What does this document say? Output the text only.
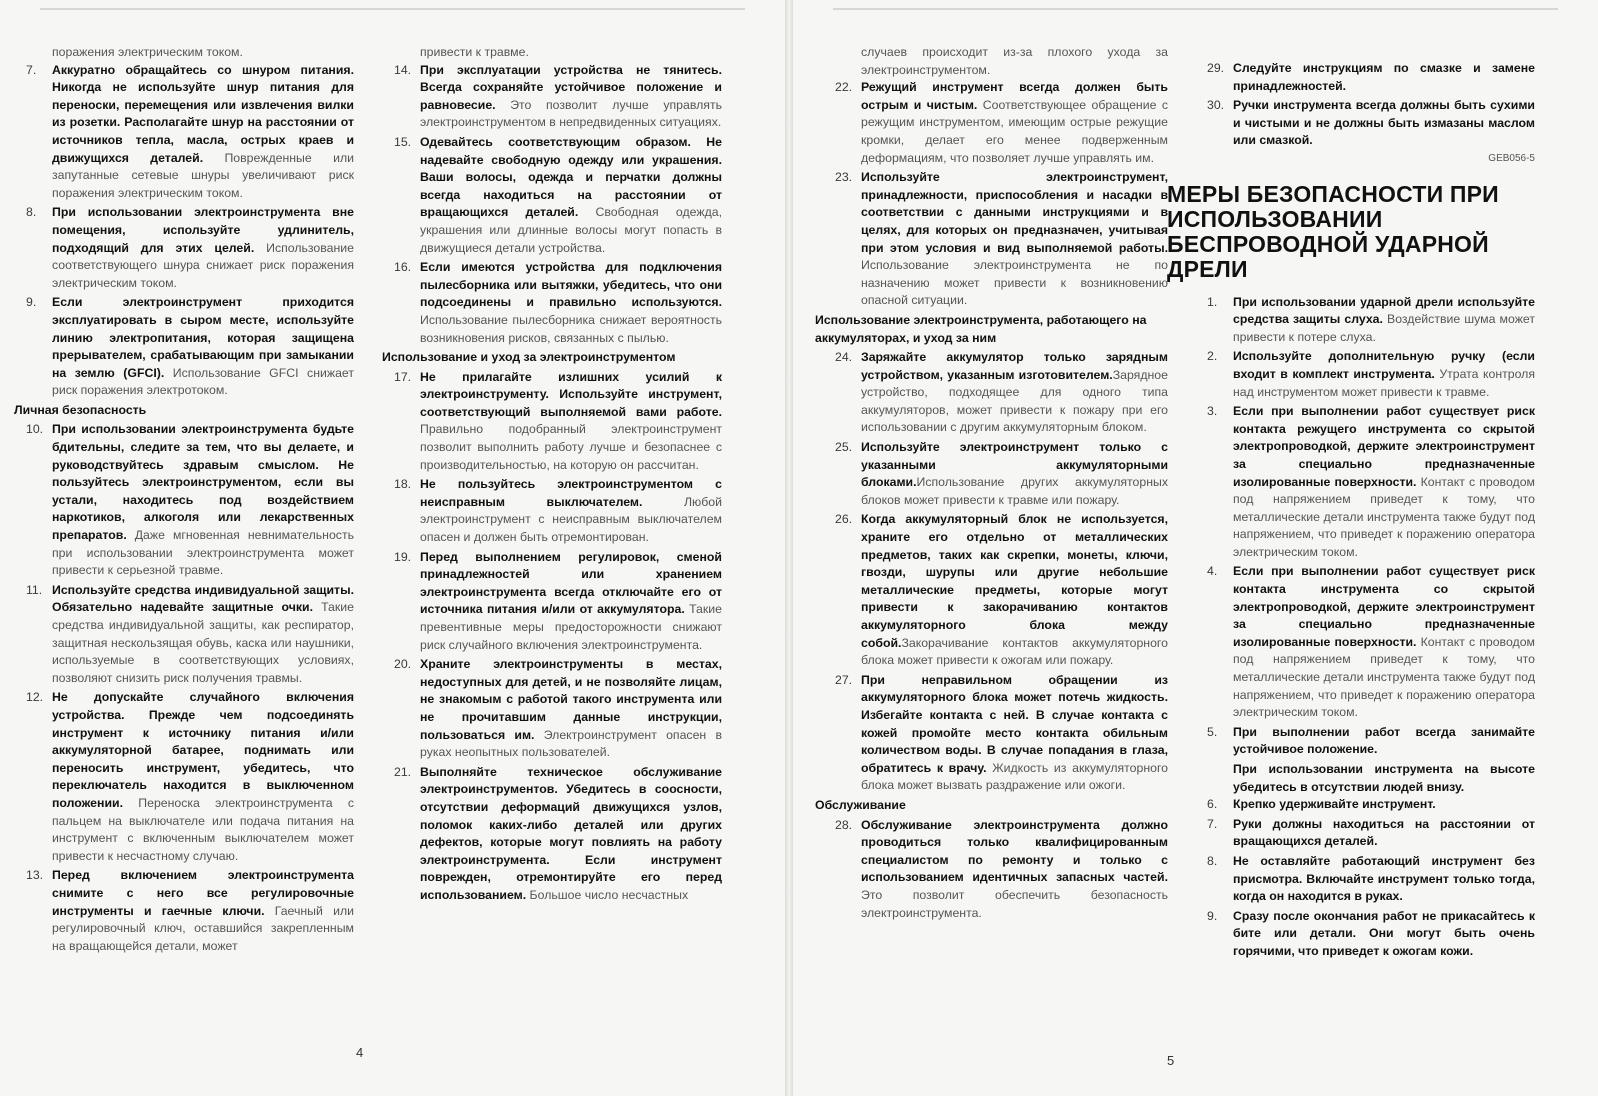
поражения электрическим током.
7.	Аккуратно обращайтесь со шнуром питания. Никогда не используйте шнур питания для переноски, перемещения или извлечения вилки из розетки. Располагайте шнур на расстоянии от источников тепла, масла, острых краев и движущихся деталей. Поврежденные или запутанные сетевые шнуры увеличивают риск поражения электрическим током.
8.	При использовании электроинструмента вне помещения, используйте удлинитель, подходящий для этих целей. Использование соответствующего шнура снижает риск поражения электрическим током.
9.	Если электроинструмент приходится эксплуатировать в сыром месте, используйте линию электропитания, которая защищена прерывателем, срабатывающим при замыкании на землю (GFCI). Использование GFCI снижает риск поражения электротоком.
Личная безопасность
10. При использовании электроинструмента будьте бдительны, следите за тем, что вы делаете, и руководствуйтесь здравым смыслом. Не пользуйтесь электроинструментом, если вы устали, находитесь под воздействием наркотиков, алкоголя или лекарственных препаратов. Даже мгновенная невнимательность при использовании электроинструмента может привести к серьезной травме.
11. Используйте средства индивидуальной защиты. Обязательно надевайте защитные очки. Такие средства индивидуальной защиты, как респиратор, защитная нескользящая обувь, каска или наушники, используемые в соответствующих условиях, позволяют снизить риск получения травмы.
12. Не допускайте случайного включения устройства. Прежде чем подсоединять инструмент к источнику питания и/или аккумуляторной батарее, поднимать или переносить инструмент, убедитесь, что переключатель находится в выключенном положении. Переноска электроинструмента с пальцем на выключателе или подача питания на инструмент с включенным выключателем может привести к несчастному случаю.
13. Перед включением электроинструмента снимите с него все регулировочные инструменты и гаечные ключи. Гаечный или регулировочный ключ, оставшийся закрепленным на вращающейся детали, может
привести к травме.
14. При эксплуатации устройства не тянитесь. Всегда сохраняйте устойчивое положение и равновесие. Это позволит лучше управлять электроинструментом в непредвиденных ситуациях.
15. Одевайтесь соответствующим образом. Не надевайте свободную одежду или украшения. Ваши волосы, одежда и перчатки должны всегда находиться на расстоянии от вращающихся деталей. Свободная одежда, украшения или длинные волосы могут попасть в движущиеся детали устройства.
16. Если имеются устройства для подключения пылесборника или вытяжки, убедитесь, что они подсоединены и правильно используются. Использование пылесборника снижает вероятность возникновения рисков, связанных с пылью.
Использование и уход за электроинструментом
17. Не прилагайте излишних усилий к электроинструменту. Используйте инструмент, соответствующий выполняемой вами работе. Правильно подобранный электроинструмент позволит выполнить работу лучше и безопаснее с производительностью, на которую он рассчитан.
18. Не пользуйтесь электроинструментом с неисправным выключателем. Любой электроинструмент с неисправным выключателем опасен и должен быть отремонтирован.
19. Перед выполнением регулировок, сменой принадлежностей или хранением электроинструмента всегда отключайте его от источника питания и/или от аккумулятора. Такие превентивные меры предосторожности снижают риск случайного включения электроинструмента.
20. Храните электроинструменты в местах, недоступных для детей, и не позволяйте лицам, не знакомым с работой такого инструмента или не прочитавшим данные инструкции, пользоваться им. Электроинструмент опасен в руках неопытных пользователей.
21. Выполняйте техническое обслуживание электроинструментов. Убедитесь в соосности, отсутствии деформаций движущихся узлов, поломок каких-либо деталей или других дефектов, которые могут повлиять на работу электроинструмента. Если инструмент поврежден, отремонтируйте его перед использованием. Большое число несчастных
4
случаев происходит из-за плохого ухода за электроинструментом.
22. Режущий инструмент всегда должен быть острым и чистым. Соответствующее обращение с режущим инструментом, имеющим острые режущие кромки, делает его менее подверженным деформациям, что позволяет лучше управлять им.
23. Используйте электроинструмент, принадлежности, приспособления и насадки в соответствии с данными инструкциями и в целях, для которых он предназначен, учитывая при этом условия и вид выполняемой работы. Использование электроинструмента не по назначению может привести к возникновению опасной ситуации.
Использование электроинструмента, работающего на аккумуляторах, и уход за ним
24. Заряжайте аккумулятор только зарядным устройством, указанным изготовителем.Зарядное устройство, подходящее для одного типа аккумуляторов, может привести к пожару при его использовании с другим аккумуляторным блоком.
25. Используйте электроинструмент только с указанными аккумуляторными блоками.Использование других аккумуляторных блоков может привести к травме или пожару.
26. Когда аккумуляторный блок не используется, храните его отдельно от металлических предметов, таких как скрепки, монеты, ключи, гвозди, шурупы или другие небольшие металлические предметы, которые могут привести к закорачиванию контактов аккумуляторного блока между собой.Закорачивание контактов аккумуляторного блока может привести к ожогам или пожару.
27. При неправильном обращении из аккумуляторного блока может потечь жидкость. Избегайте контакта с ней. В случае контакта с кожей промойте место контакта обильным количеством воды. В случае попадания в глаза, обратитесь к врачу. Жидкость из аккумуляторного блока может вызвать раздражение или ожоги.
Обслуживание
28. Обслуживание электроинструмента должно проводиться только квалифицированным специалистом по ремонту и только с использованием идентичных запасных частей. Это позволит обеспечить безопасность электроинструмента.
29. Следуйте инструкциям по смазке и замене принадлежностей.
30. Ручки инструмента всегда должны быть сухими и чистыми и не должны быть измазаны маслом или смазкой.
GEB056-5
МЕРЫ БЕЗОПАСНОСТИ ПРИ ИСПОЛЬЗОВАНИИ БЕСПРОВОДНОЙ УДАРНОЙ ДРЕЛИ
1.	При использовании ударной дрели используйте средства защиты слуха. Воздействие шума может привести к потере слуха.
2.	Используйте дополнительную ручку (если входит в комплект инструмента. Утрата контроля над инструментом может привести к травме.
3.	Если при выполнении работ существует риск контакта режущего инструмента со скрытой электропроводкой, держите электроинструмент за специально предназначенные изолированные поверхности. Контакт с проводом под напряжением приведет к тому, что металлические детали инструмента также будут под напряжением, что приведет к поражению оператора электрическим током.
4.	Если при выполнении работ существует риск контакта инструмента со скрытой электропроводкой, держите электроинструмент за специально предназначенные изолированные поверхности. Контакт с проводом под напряжением приведет к тому, что металлические детали инструмента также будут под напряжением, что приведет к поражению оператора электрическим током.
5.	При выполнении работ всегда занимайте устойчивое положение.
При использовании инструмента на высоте убедитесь в отсутствии людей внизу.
6.	Крепко удерживайте инструмент.
7.	Руки должны находиться на расстоянии от вращающихся деталей.
8.	Не оставляйте работающий инструмент без присмотра. Включайте инструмент только тогда, когда он находится в руках.
9.	Сразу после окончания работ не прикасайтесь к бите или детали. Они могут быть очень горячими, что приведет к ожогам кожи.
5
